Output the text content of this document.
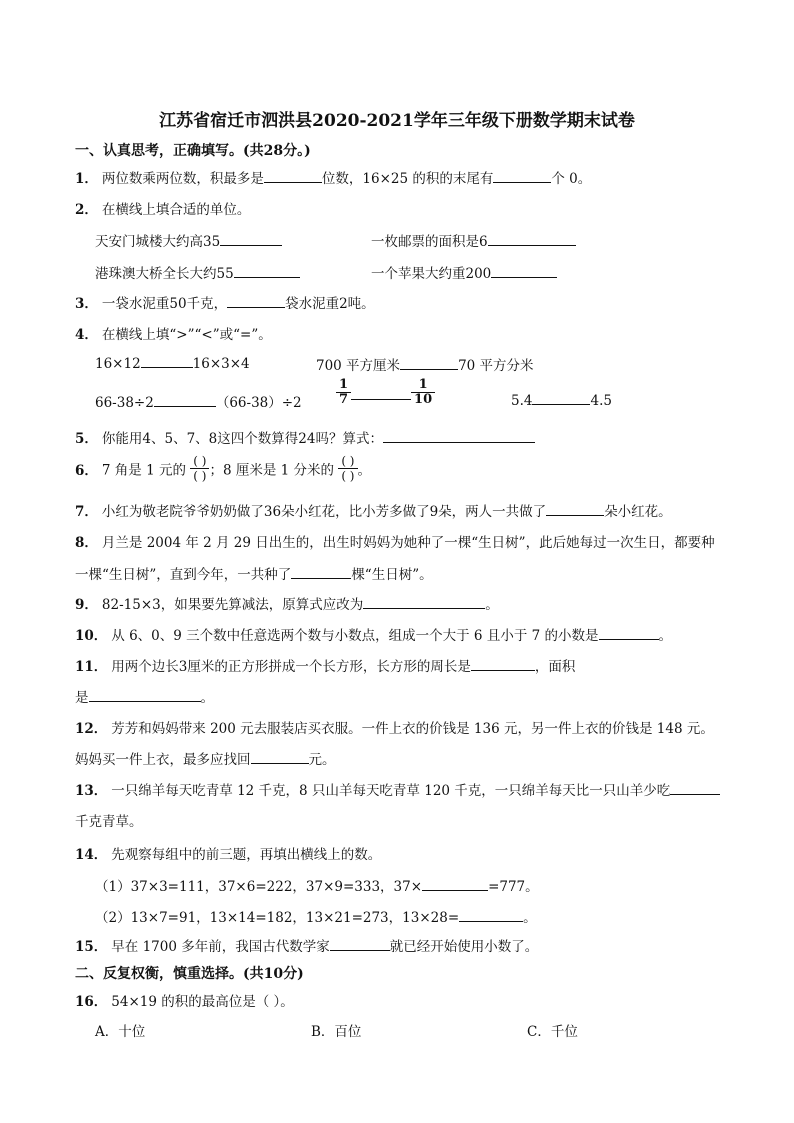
江苏省宿迁市泗洪县2020-2021学年三年级下册数学期末试卷
一、认真思考，正确填写。(共28分。)
1． 两位数乘两位数，积最多是	位数，16×25 的积的末尾有	个 0。
2． 在横线上填合适的单位。
天安门城楼大约高35	一枚邮票的面积是6
港珠澳大桥全长大约55	一个苹果大约重200
3． 一袋水泥重50千克，	袋水泥重2吨。
4． 在横线上填“>”“<”或“=”。
16×12	16×3×4	700 平方厘米	70 平方分米
66-38÷2	（66-38）÷2	$\frac{1}{7}$	$\frac{1}{10}$	5.4	4.5
5． 你能用4、5、7、8这四个数算得24吗？算式：
6． 7 角是 1 元的 $\frac{( )}{( )}$ ；8 厘米是 1 分米的 $\frac{( )}{( )}$ 。
7． 小红为敬老院爷爷奶奶做了36朵小红花，比小芳多做了9朵，两人一共做了	朵小红花。
8． 月兰是 2004 年 2 月 29 日出生的，出生时妈妈为她种了一棵“生日树”，此后她每过一次生日，都要种
一棵“生日树”，直到今年，一共种了	棵“生日树”。
9． 82-15×3，如果要先算减法，原算式应改为	。
10． 从 6、0、9 三个数中任意选两个数与小数点，组成一个大于 6 且小于 7 的小数是	。
11． 用两个边长3厘米的正方形拼成一个长方形，长方形的周长是	，面积
是	。
12． 芳芳和妈妈带来 200 元去服装店买衣服。一件上衣的价钱是 136 元，另一件上衣的价钱是 148 元。
妈妈买一件上衣，最多应找回	元。
13． 一只绵羊每天吃青草 12 千克，8 只山羊每天吃青草 120 千克，一只绵羊每天比一只山羊少吃
千克青草。
14． 先观察每组中的前三题，再填出横线上的数。
（1）37×3=111，37×6=222，37×9=333，37×	=777。
（2）13×7=91，13×14=182，13×21=273，13×28=	。
15． 早在 1700 多年前，我国古代数学家	就已经开始使用小数了。
二、反复权衡，慎重选择。(共10分)
16． 54×19 的积的最高位是（ ）。
A．十位	B．百位	C．千位
